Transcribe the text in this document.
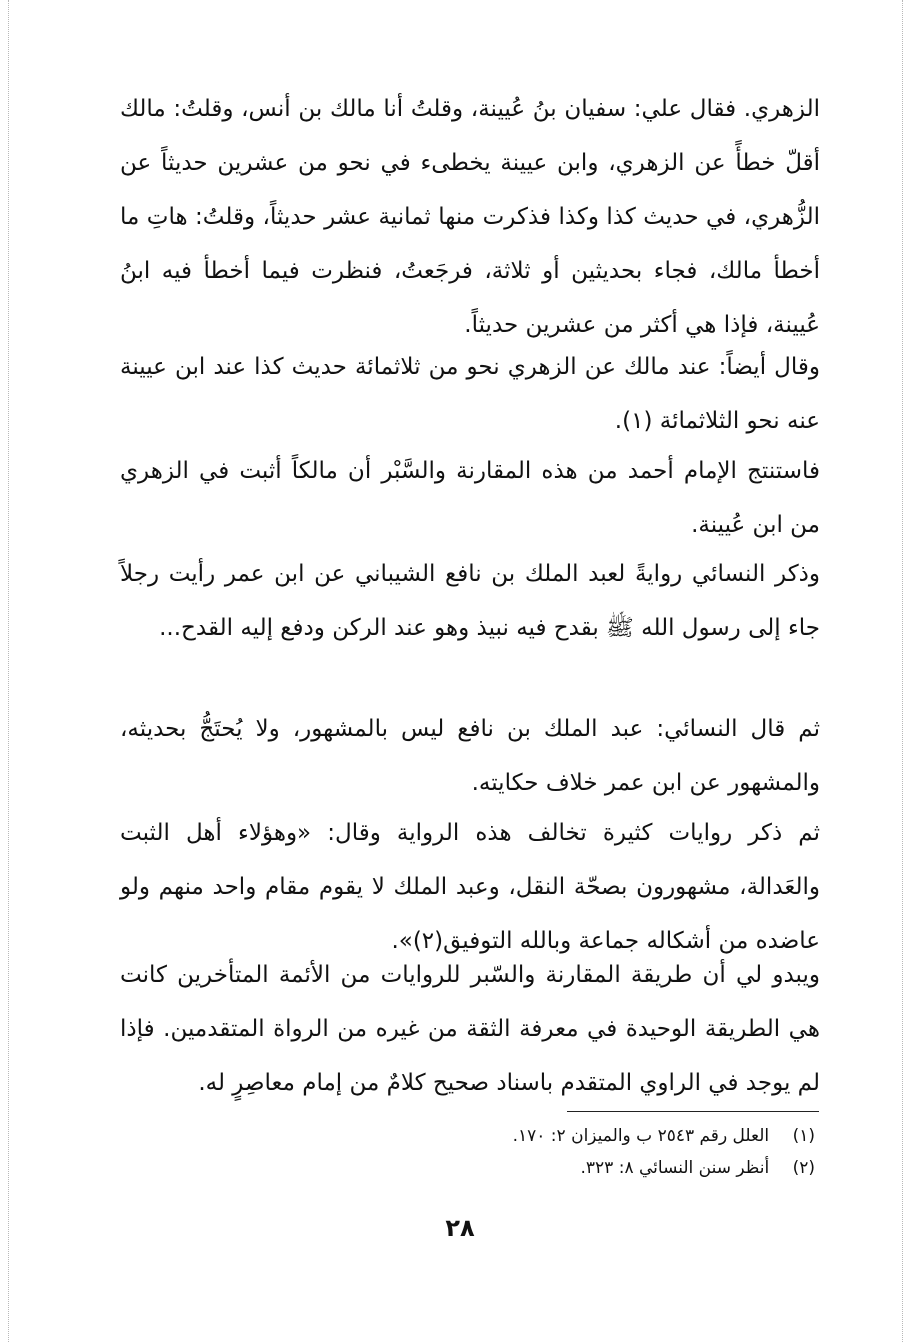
الزهري. فقال علي: سفيان بنُ عُيينة، وقلتُ أنا مالك بن أنس، وقلتُ: مالك أقلّ خطأً عن الزهري، وابن عيينة يخطىء في نحو من عشرين حديثاً عن الزُّهري، في حديث كذا وكذا فذكرت منها ثمانية عشر حديثاً، وقلتُ: هاتِ ما أخطأ مالك، فجاء بحديثين أو ثلاثة، فرجَعتُ، فنظرت فيما أخطأ فيه ابنُ عُيينة، فإذا هي أكثر من عشرين حديثاً.

وقال أيضاً: عند مالك عن الزهري نحو من ثلاثمائة حديث كذا عند ابن عيينة عنه نحو الثلاثمائة (١).

فاستنتج الإمام أحمد من هذه المقارنة والسَّبْر أن مالكاً أثبت في الزهري من ابن عُيينة.

وذكر النسائي روايةً لعبد الملك بن نافع الشيباني عن ابن عمر رأيت رجلاً جاء إلى رسول الله ﷺ بقدح فيه نبيذ وهو عند الركن ودفع إليه القدح...

ثم قال النسائي: عبد الملك بن نافع ليس بالمشهور، ولا يُحتَجُّ بحديثه، والمشهور عن ابن عمر خلاف حكايته.

ثم ذكر روايات كثيرة تخالف هذه الرواية وقال: «وهؤلاء أهل الثبت والعَدالة، مشهورون بصحّة النقل، وعبد الملك لا يقوم مقام واحد منهم ولو عاضده من أشكاله جماعة وبالله التوفيق(٢)».

ويبدو لي أن طريقة المقارنة والسّبر للروايات من الأئمة المتأخرين كانت هي الطريقة الوحيدة في معرفة الثقة من غيره من الرواة المتقدمين. فإذا لم يوجد في الراوي المتقدم باسناد صحيح كلامٌ من إمام معاصِرٍ له.

(١) العلل رقم ٢٥٤٣ ب والميزان ٢: ١٧٠.

(٢) أنظر سنن النسائي ٨: ٣٢٣.

٢٨
